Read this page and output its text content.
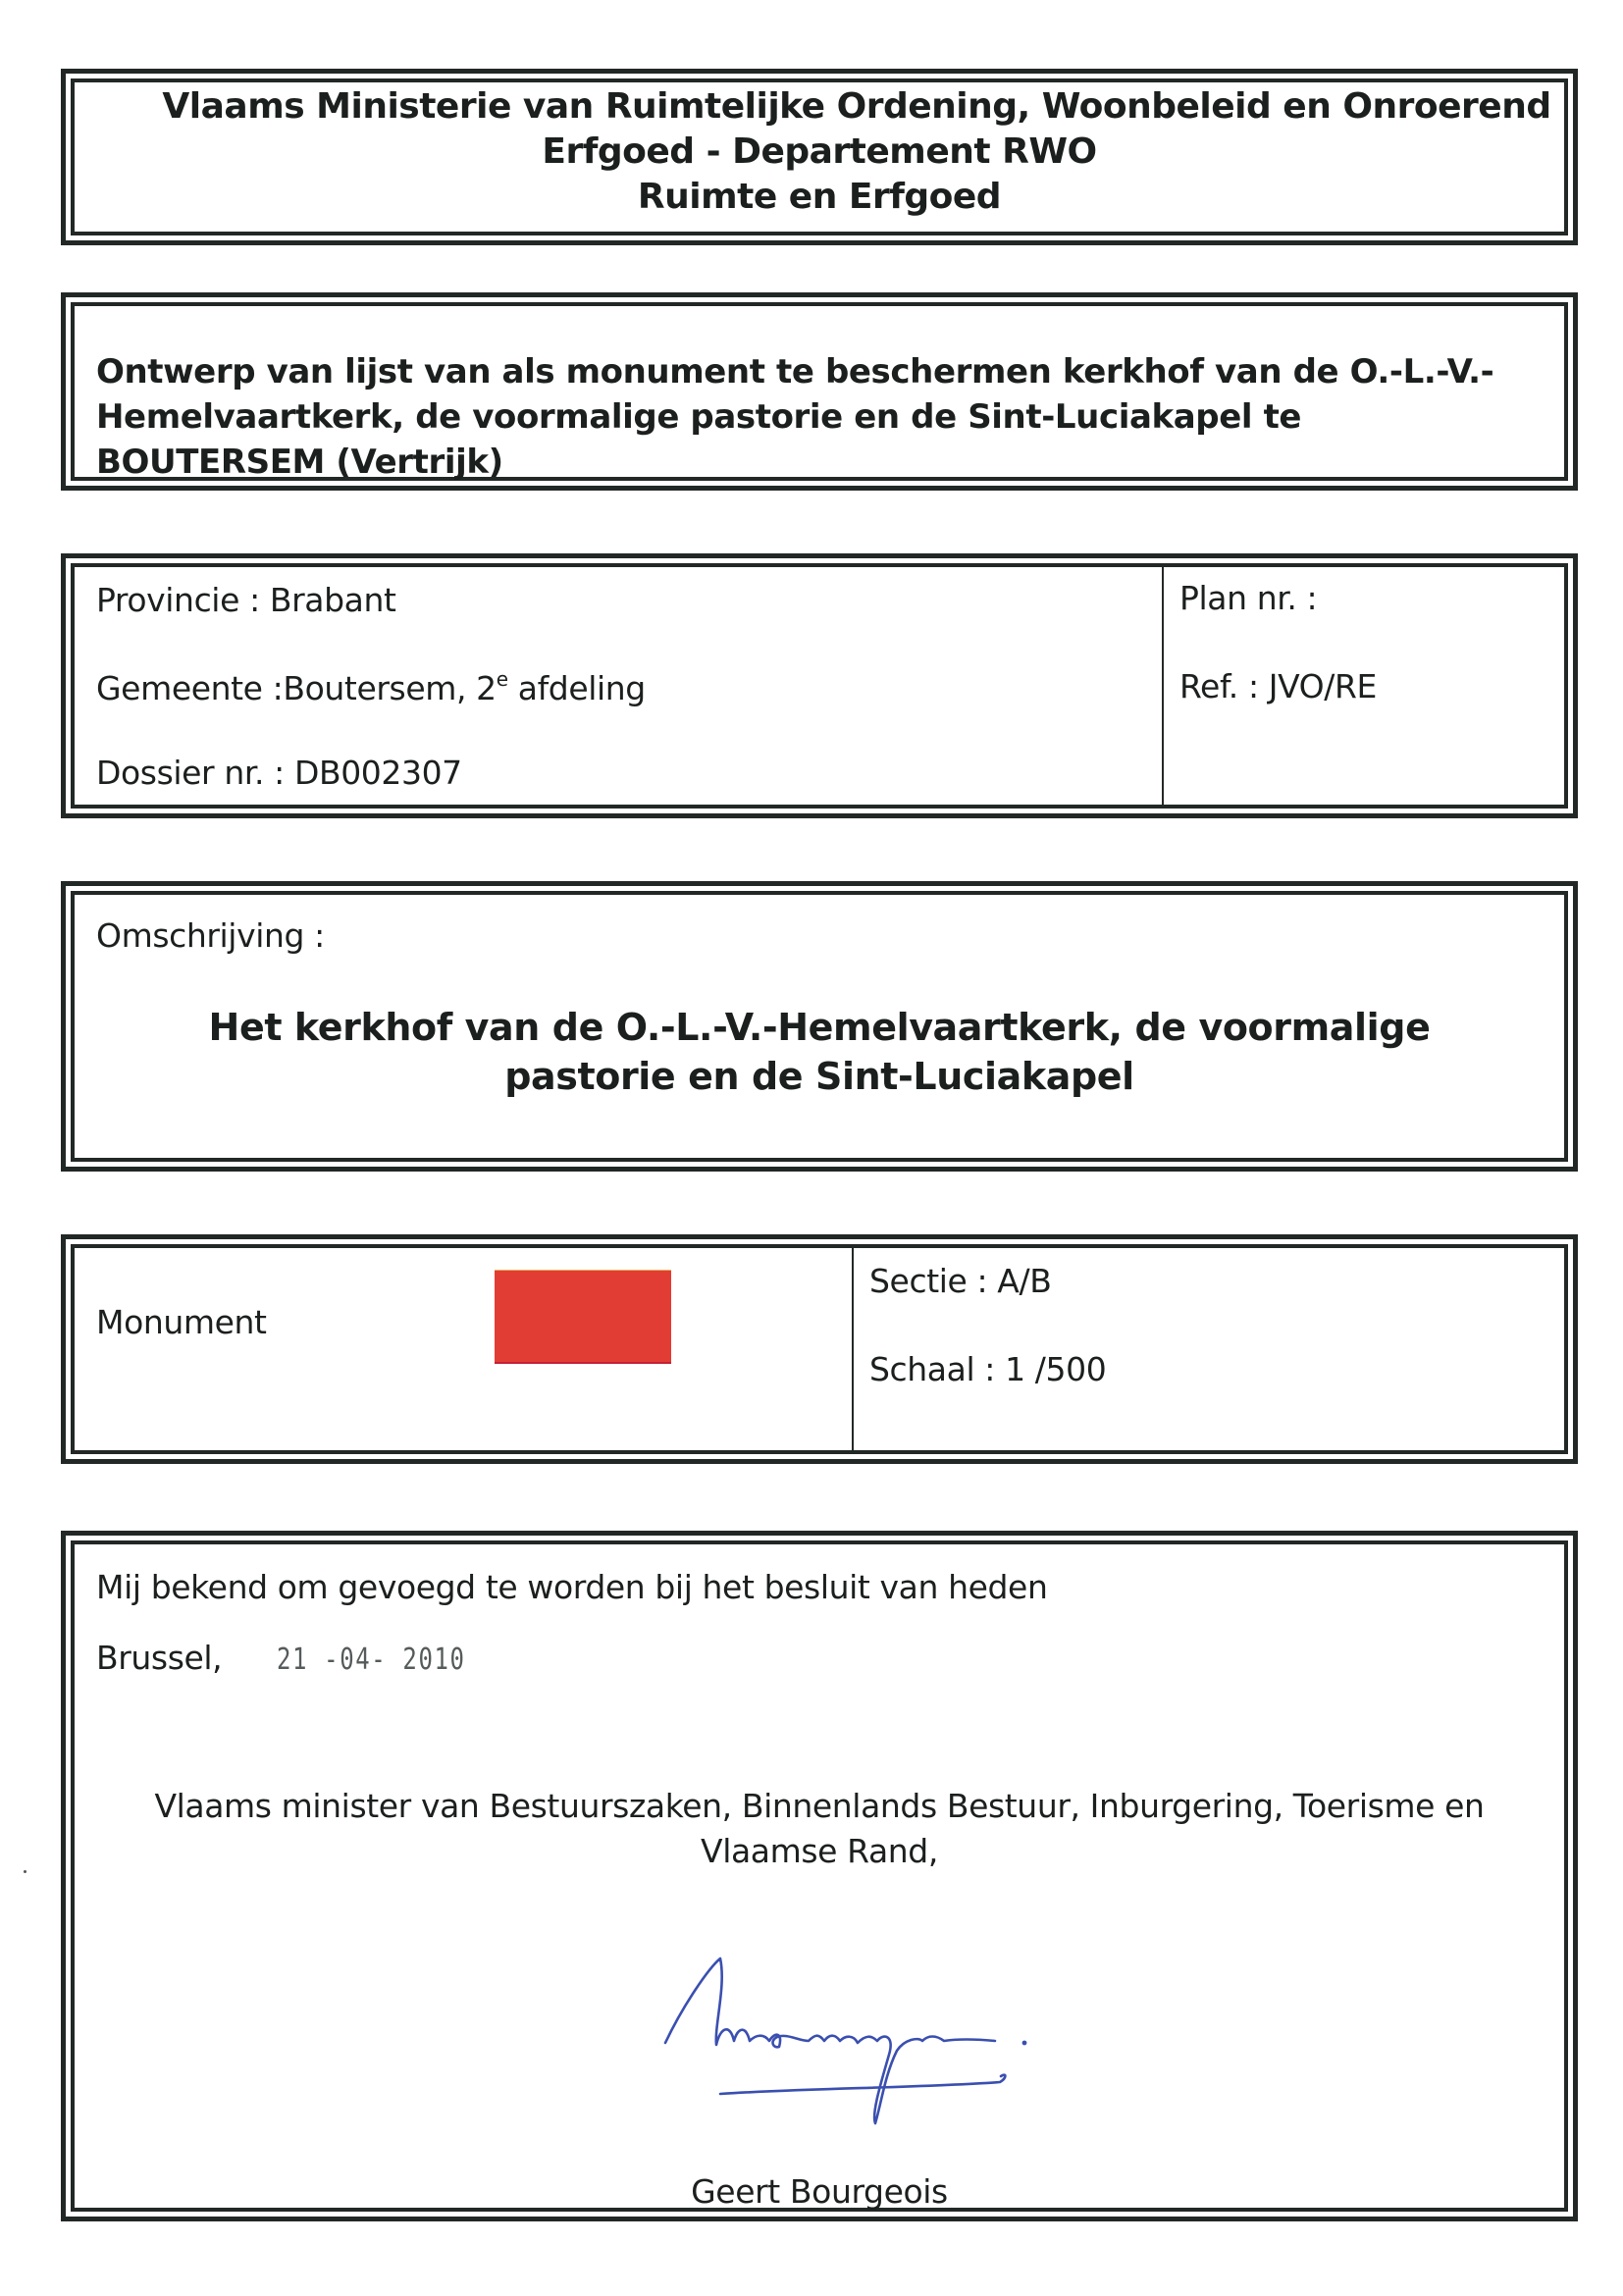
Vlaams Ministerie van Ruimtelijke Ordening, Woonbeleid en Onroerend
Erfgoed - Departement RWO
Ruimte en Erfgoed
Ontwerp van lijst van als monument te beschermen kerkhof van de O.-L.-V.-
Hemelvaartkerk, de voormalige pastorie en de Sint-Luciakapel te
BOUTERSEM (Vertrijk)
Provincie : Brabant
Gemeente :Boutersem, 2e afdeling
Dossier nr. : DB002307
Plan nr. :
Ref. : JVO/RE
Omschrijving :
Het kerkhof van de O.-L.-V.-Hemelvaartkerk, de voormalige
pastorie en de Sint-Luciakapel
Monument
Sectie : A/B
Schaal : 1 /500
Mij bekend om gevoegd te worden bij het besluit van heden
Brussel, 21 -04- 2010
Vlaams minister van Bestuurszaken, Binnenlands Bestuur, Inburgering, Toerisme en
Vlaamse Rand,
Geert Bourgeois
